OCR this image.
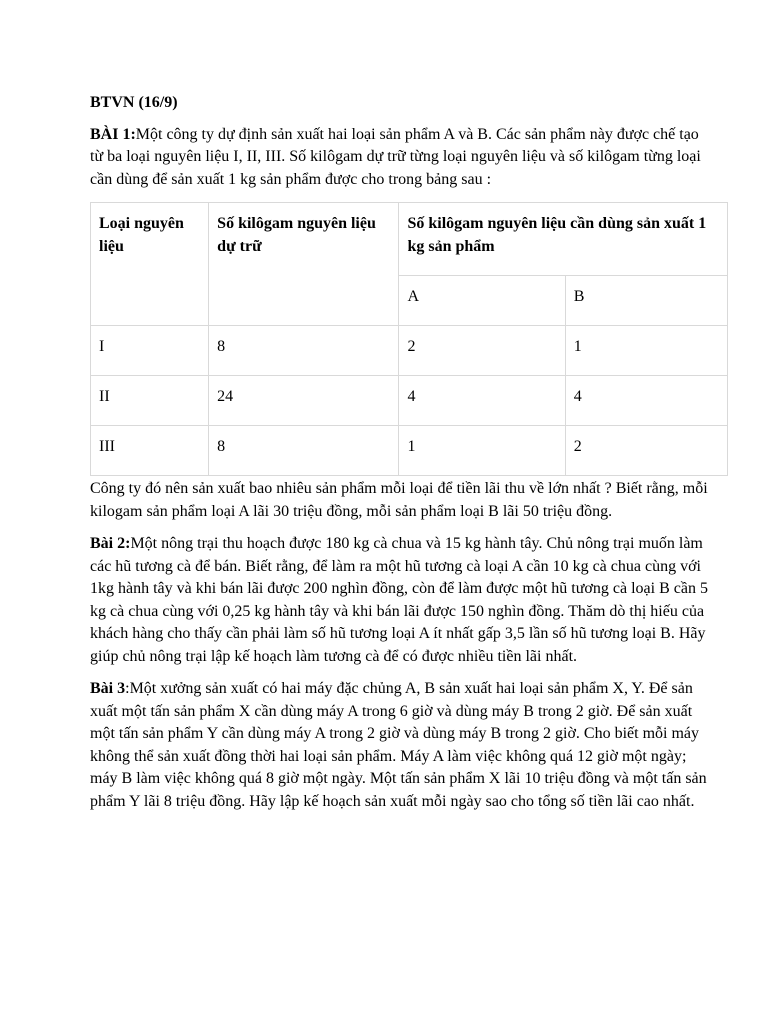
BTVN (16/9)

BÀI 1:Một công ty dự định sản xuất hai loại sản phẩm A và B. Các sản phẩm này được chế tạo từ ba loại nguyên liệu I, II, III. Số kilôgam dự trữ từng loại nguyên liệu và số kilôgam từng loại cần dùng để sản xuất 1 kg sản phẩm được cho trong bảng sau :

Loại nguyên liệu	Số kilôgam nguyên liệu dự trữ	Số kilôgam nguyên liệu cần dùng sản xuất 1 kg sản phẩm	
		A	B
I	8	2	1
II	24	4	4
III	8	1	2

Công ty đó nên sản xuất bao nhiêu sản phẩm mỗi loại để tiền lãi thu về lớn nhất ? Biết rằng, mỗi kilogam sản phẩm loại A lãi 30 triệu đồng, mỗi sản phẩm loại B lãi 50 triệu đồng.

Bài 2:Một nông trại thu hoạch được 180 kg cà chua và 15 kg hành tây. Chủ nông trại muốn làm các hũ tương cà để bán. Biết rằng, để làm ra một hũ tương cà loại A cần 10 kg cà chua cùng với 1kg hành tây và khi bán lãi được 200 nghìn đồng, còn để làm được một hũ tương cà loại B cần 5 kg cà chua cùng với 0,25 kg hành tây và khi bán lãi được 150 nghìn đồng. Thăm dò thị hiếu của khách hàng cho thấy cần phải làm số hũ tương loại A ít nhất gấp 3,5 lần số hũ tương loại B. Hãy giúp chủ nông trại lập kế hoạch làm tương cà để có được nhiều tiền lãi nhất.

Bài 3:Một xưởng sản xuất có hai máy đặc chủng A, B sản xuất hai loại sản phẩm X, Y. Để sản xuất một tấn sản phẩm X cần dùng máy A trong 6 giờ và dùng máy B trong 2 giờ. Để sản xuất một tấn sản phẩm Y cần dùng máy A trong 2 giờ và dùng máy B trong 2 giờ. Cho biết mỗi máy không thể sản xuất đồng thời hai loại sản phẩm. Máy A làm việc không quá 12 giờ một ngày; máy B làm việc không quá 8 giờ một ngày. Một tấn sản phẩm X lãi 10 triệu đồng và một tấn sản phẩm Y lãi 8 triệu đồng. Hãy lập kế hoạch sản xuất mỗi ngày sao cho tổng số tiền lãi cao nhất.
